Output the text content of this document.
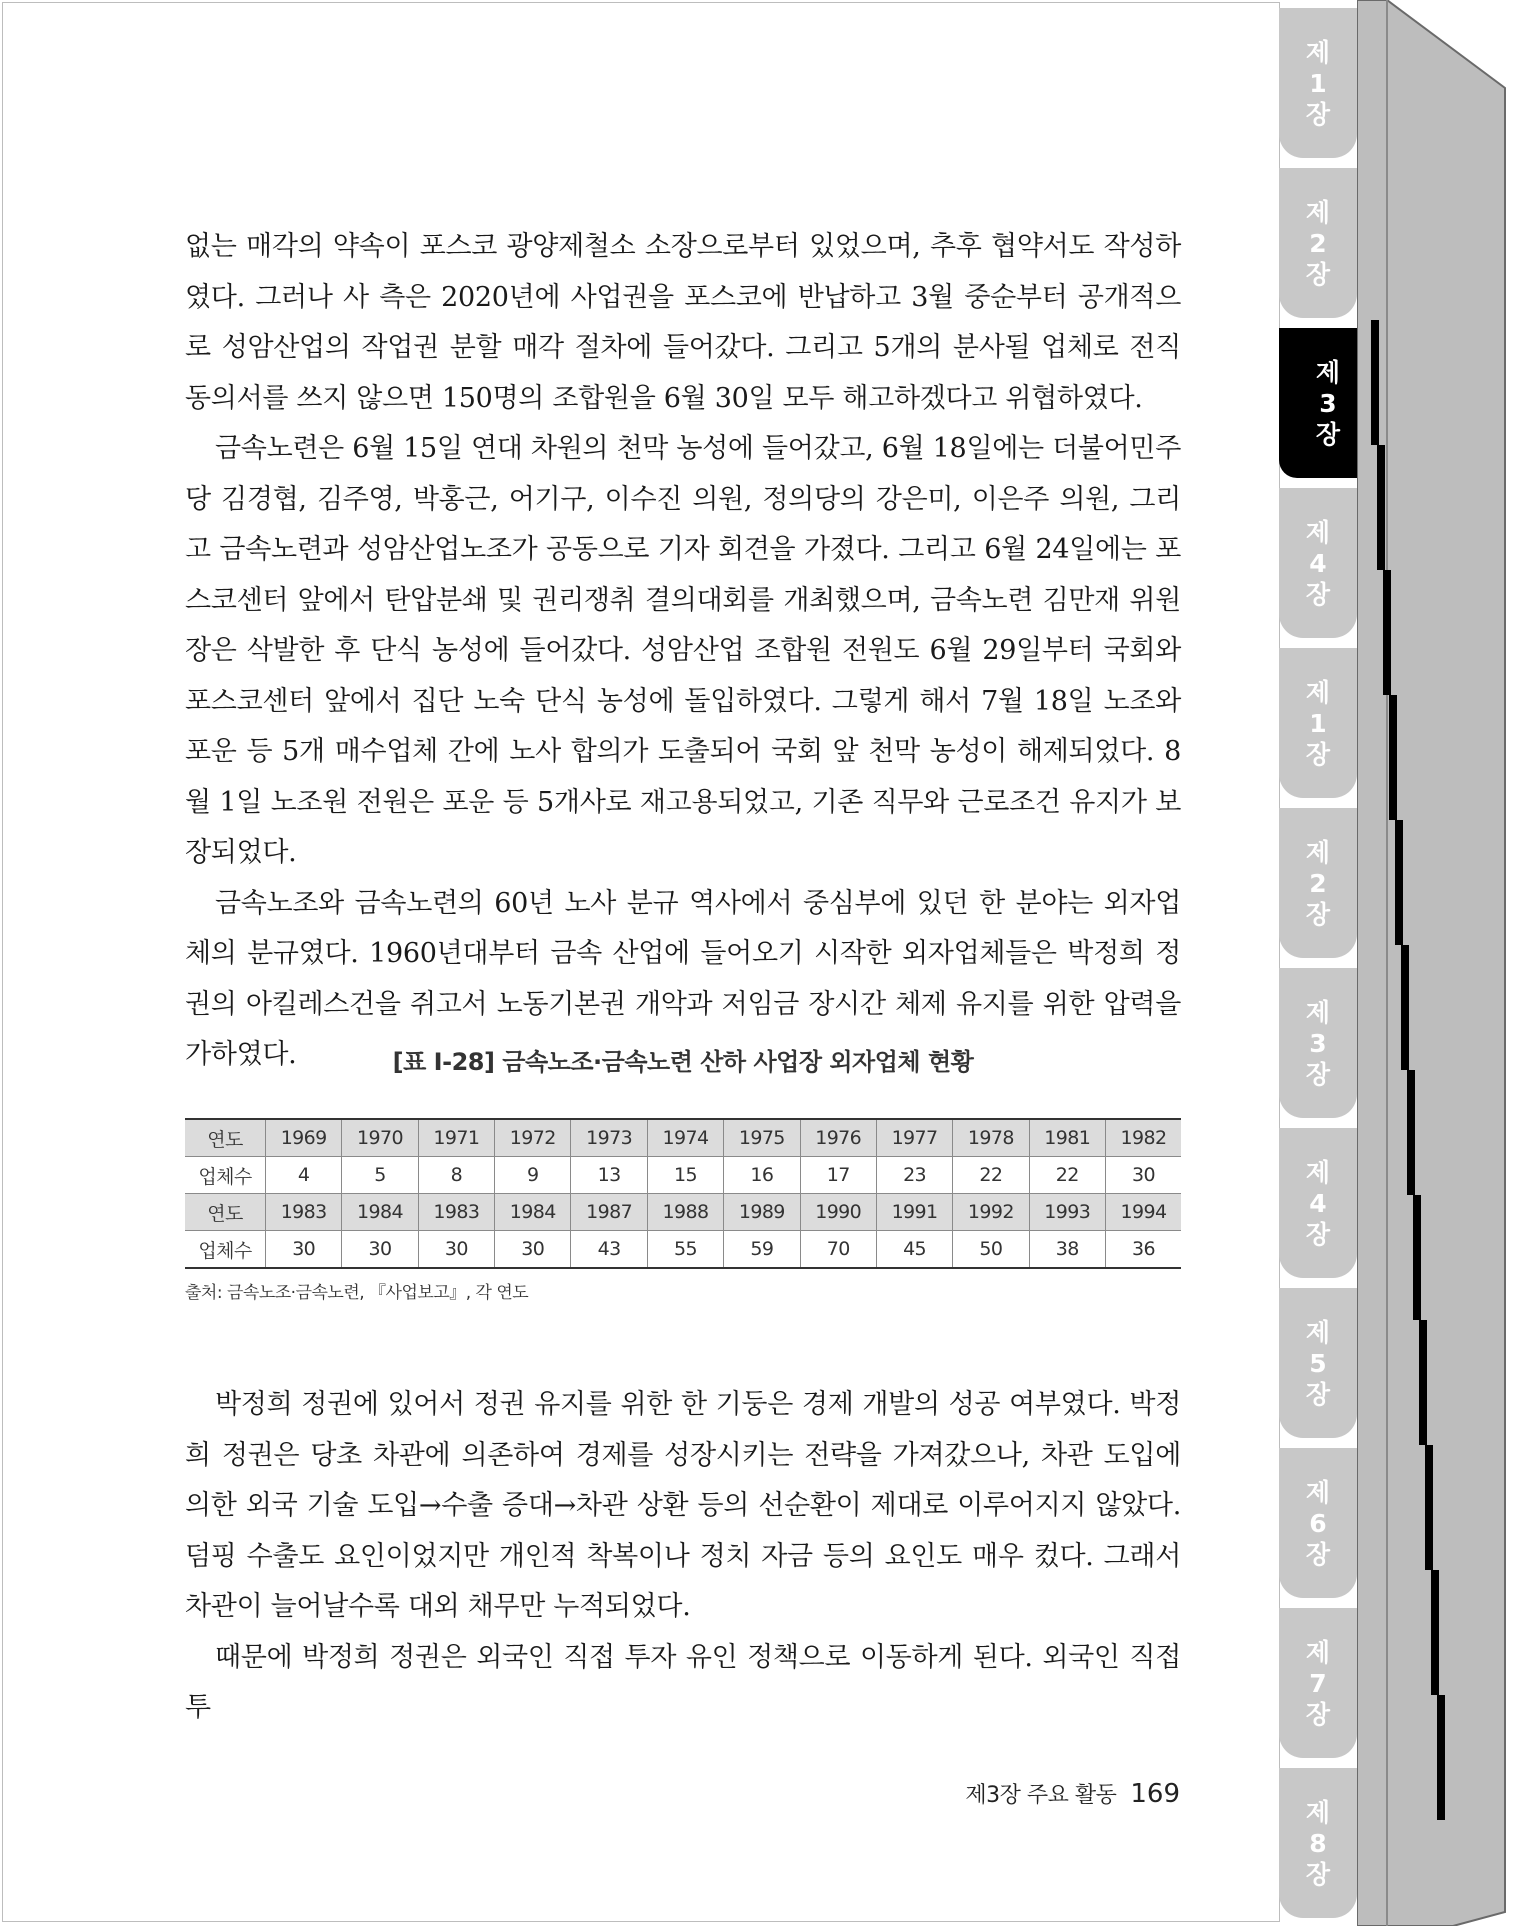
없는 매각의 약속이 포스코 광양제철소 소장으로부터 있었으며, 추후 협약서도 작성하였다. 그러나 사 측은 2020년에 사업권을 포스코에 반납하고 3월 중순부터 공개적으로 성암산업의 작업권 분할 매각 절차에 들어갔다. 그리고 5개의 분사될 업체로 전직 동의서를 쓰지 않으면 150명의 조합원을 6월 30일 모두 해고하겠다고 위협하였다.

금속노련은 6월 15일 연대 차원의 천막 농성에 들어갔고, 6월 18일에는 더불어민주당 김경협, 김주영, 박홍근, 어기구, 이수진 의원, 정의당의 강은미, 이은주 의원, 그리고 금속노련과 성암산업노조가 공동으로 기자 회견을 가졌다. 그리고 6월 24일에는 포스코센터 앞에서 탄압분쇄 및 권리쟁취 결의대회를 개최했으며, 금속노련 김만재 위원장은 삭발한 후 단식 농성에 들어갔다. 성암산업 조합원 전원도 6월 29일부터 국회와 포스코센터 앞에서 집단 노숙 단식 농성에 돌입하였다. 그렇게 해서 7월 18일 노조와 포운 등 5개 매수업체 간에 노사 합의가 도출되어 국회 앞 천막 농성이 해제되었다. 8월 1일 노조원 전원은 포운 등 5개사로 재고용되었고, 기존 직무와 근로조건 유지가 보장되었다.

금속노조와 금속노련의 60년 노사 분규 역사에서 중심부에 있던 한 분야는 외자업체의 분규였다. 1960년대부터 금속 산업에 들어오기 시작한 외자업체들은 박정희 정권의 아킬레스건을 쥐고서 노동기본권 개악과 저임금 장시간 체제 유지를 위한 압력을 가하였다.	[표 Ⅰ-28] 금속노조·금속노련 산하 사업장 외자업체 현황
연도	1969	1970	1971	1972	1973	1974	1975	1976	1977	1978	1981	1982
업체수	4	5	8	9	13	15	16	17	23	22	22	30
연도	1983	1984	1983	1984	1987	1988	1989	1990	1991	1992	1993	1994
업체수	30	30	30	30	43	55	59	70	45	50	38	36
출처: 금속노조·금속노련, 『사업보고』, 각 연도

박정희 정권에 있어서 정권 유지를 위한 한 기둥은 경제 개발의 성공 여부였다. 박정희 정권은 당초 차관에 의존하여 경제를 성장시키는 전략을 가져갔으나, 차관 도입에 의한 외국 기술 도입→수출 증대→차관 상환 등의 선순환이 제대로 이루어지지 않았다. 덤핑 수출도 요인이었지만 개인적 착복이나 정치 자금 등의 요인도 매우 컸다. 그래서 차관이 늘어날수록 대외 채무만 누적되었다.

때문에 박정희 정권은 외국인 직접 투자 유인 정책으로 이동하게 된다. 외국인 직접 투

제3장 주요 활동 169
제
1
장
제
2
장
제
3
장
제
4
장
제
1
장
제
2
장
제
3
장
제
4
장
제
5
장
제
6
장
제
7
장
제
8
장
